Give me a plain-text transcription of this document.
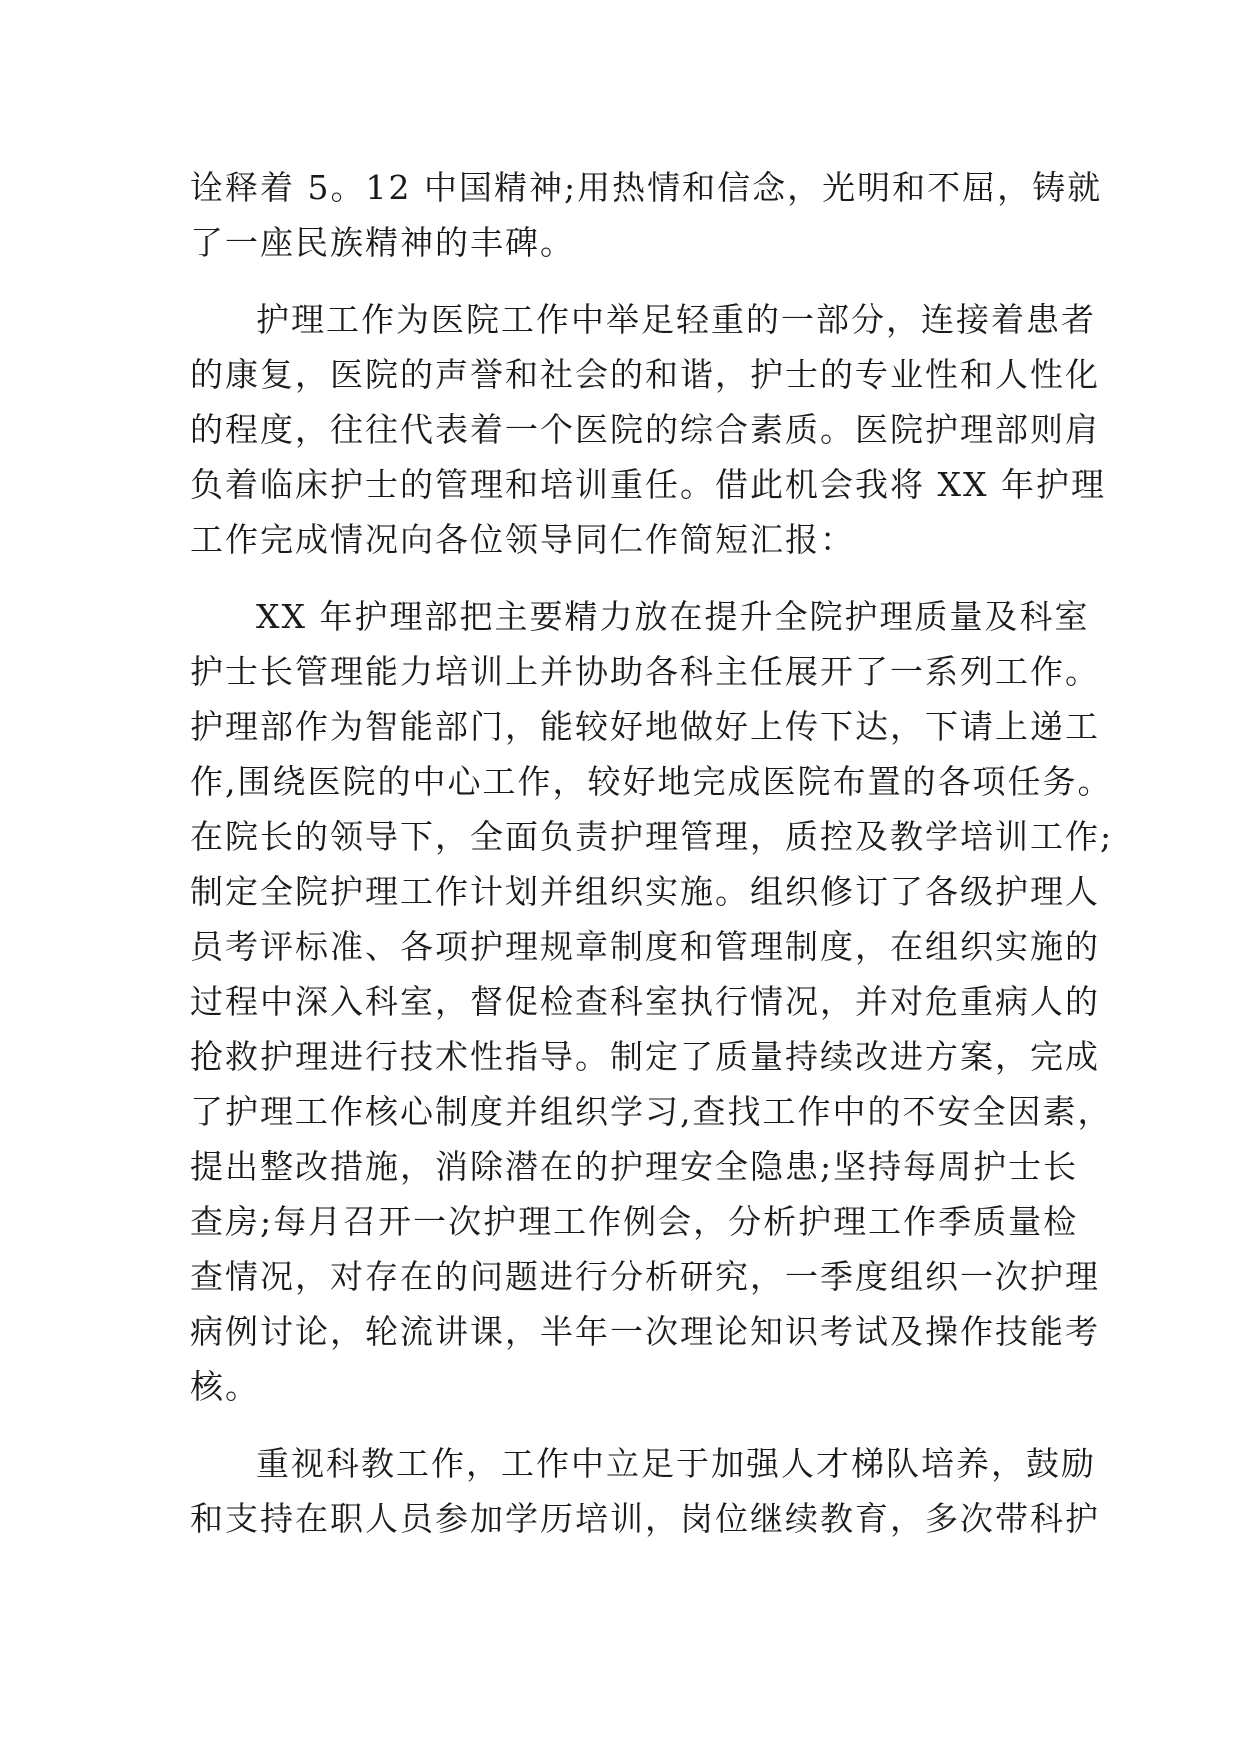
诠释着 5。12 中国精神;用热情和信念，光明和不屈，铸就
了一座民族精神的丰碑。
护理工作为医院工作中举足轻重的一部分，连接着患者
的康复，医院的声誉和社会的和谐，护士的专业性和人性化
的程度，往往代表着一个医院的综合素质。医院护理部则肩
负着临床护士的管理和培训重任。借此机会我将 XX 年护理
工作完成情况向各位领导同仁作简短汇报：
XX 年护理部把主要精力放在提升全院护理质量及科室
护士长管理能力培训上并协助各科主任展开了一系列工作。
护理部作为智能部门，能较好地做好上传下达，下请上递工
作,围绕医院的中心工作，较好地完成医院布置的各项任务。
在院长的领导下，全面负责护理管理，质控及教学培训工作;
制定全院护理工作计划并组织实施。组织修订了各级护理人
员考评标准、各项护理规章制度和管理制度，在组织实施的
过程中深入科室，督促检查科室执行情况，并对危重病人的
抢救护理进行技术性指导。制定了质量持续改进方案，完成
了护理工作核心制度并组织学习,查找工作中的不安全因素，
提出整改措施，消除潜在的护理安全隐患;坚持每周护士长
查房;每月召开一次护理工作例会，分析护理工作季质量检
查情况，对存在的问题进行分析研究，一季度组织一次护理
病例讨论，轮流讲课，半年一次理论知识考试及操作技能考
核。
重视科教工作，工作中立足于加强人才梯队培养，鼓励
和支持在职人员参加学历培训，岗位继续教育，多次带科护
